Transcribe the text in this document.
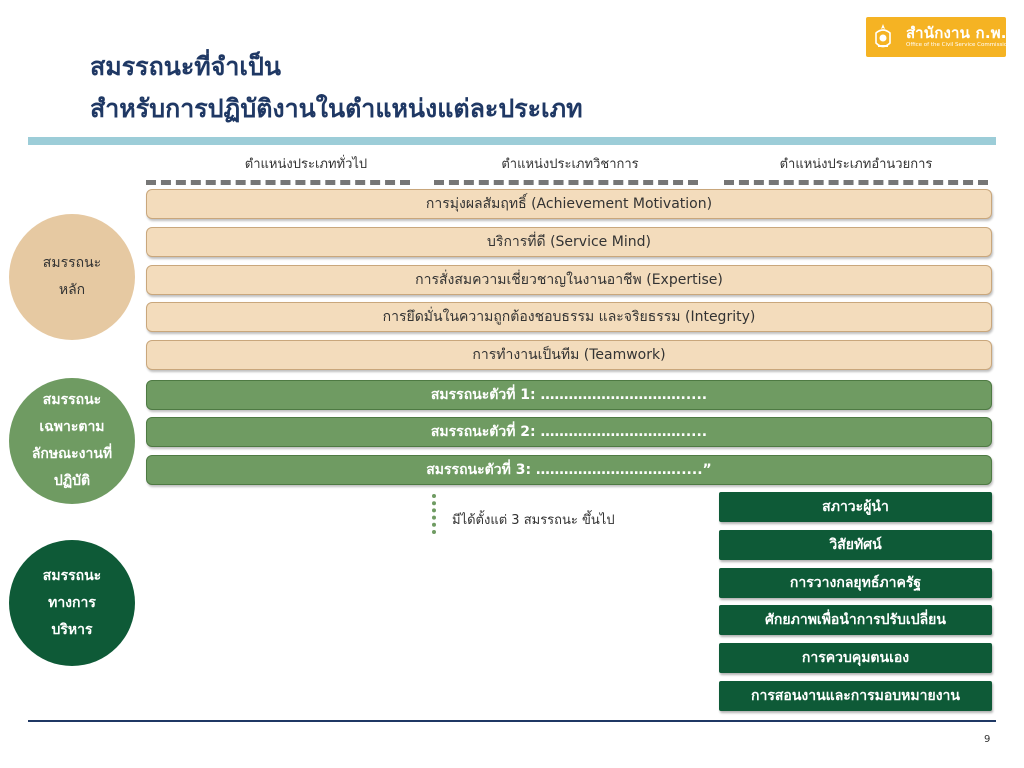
สำนักงาน ก.พ.
Office of the Civil Service Commission
สมรรถนะที่จำเป็น
สำหรับการปฏิบัติงานในตำแหน่งแต่ละประเภท
ตำแหน่งประเภททั่วไป	ตำแหน่งประเภทวิชาการ	ตำแหน่งประเภทอำนวยการ
สมรรถนะ
หลัก
การมุ่งผลสัมฤทธิ์ (Achievement Motivation)
บริการที่ดี (Service Mind)
การสั่งสมความเชี่ยวชาญในงานอาชีพ (Expertise)
การยึดมั่นในความถูกต้องชอบธรรม และจริยธรรม (Integrity)
การทำงานเป็นทีม (Teamwork)
สมรรถนะ
เฉพาะตาม
ลักษณะงานที่
ปฏิบัติ
สมรรถนะตัวที่ 1: ………………………….....
สมรรถนะตัวที่ 2: ………………………….....
สมรรถนะตัวที่ 3: ………………………….....”
มีได้ตั้งแต่ 3 สมรรถนะ ขึ้นไป
สมรรถนะ
ทางการ
บริหาร
สภาวะผู้นำ
วิสัยทัศน์
การวางกลยุทธ์ภาครัฐ
ศักยภาพเพื่อนำการปรับเปลี่ยน
การควบคุมตนเอง
การสอนงานและการมอบหมายงาน
9
